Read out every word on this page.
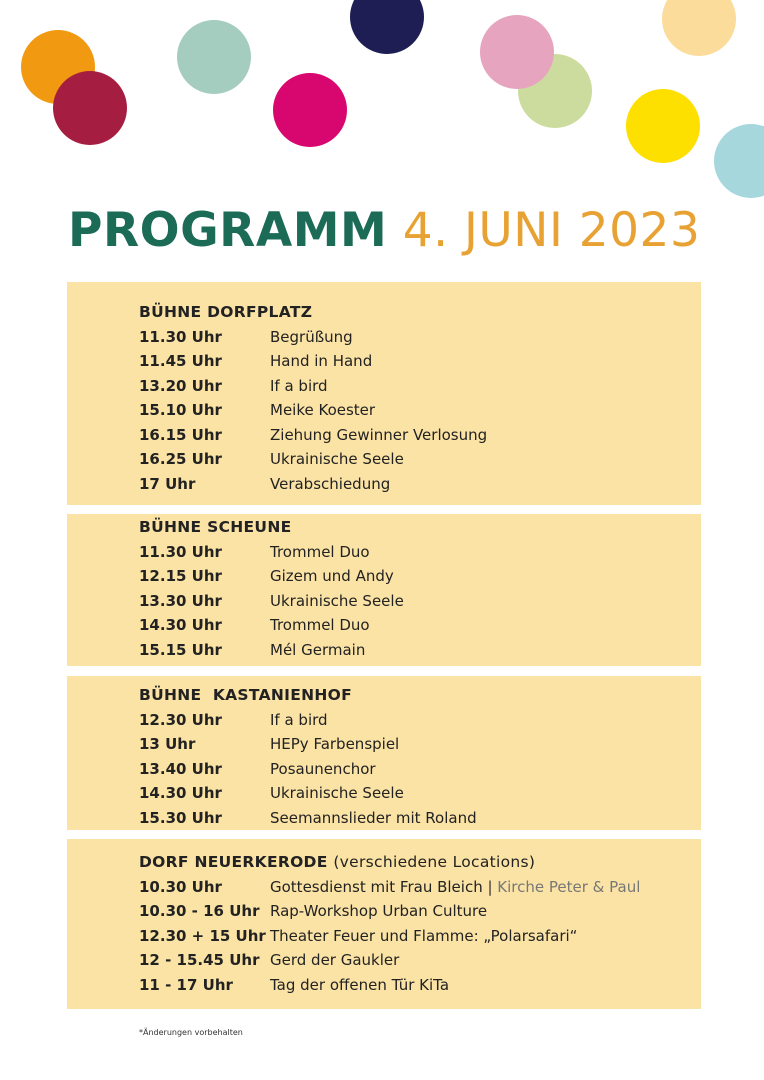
PROGRAMM 4. JUNI 2023
BÜHNE DORFPLATZ
11.30 Uhr	Begrüßung
11.45 Uhr	Hand in Hand
13.20 Uhr	If a bird
15.10 Uhr	Meike Koester
16.15 Uhr	Ziehung Gewinner Verlosung
16.25 Uhr	Ukrainische Seele
17 Uhr	Verabschiedung
BÜHNE SCHEUNE
11.30 Uhr	Trommel Duo
12.15 Uhr	Gizem und Andy
13.30 Uhr	Ukrainische Seele
14.30 Uhr	Trommel Duo
15.15 Uhr	Mél Germain
BÜHNE  KASTANIENHOF
12.30 Uhr	If a bird
13 Uhr	HEPy Farbenspiel
13.40 Uhr	Posaunenchor
14.30 Uhr	Ukrainische Seele
15.30 Uhr	Seemannslieder mit Roland
DORF NEUERKERODE (verschiedene Locations)
10.30 Uhr	Gottesdienst mit Frau Bleich | Kirche Peter & Paul
10.30 - 16 Uhr Rap-Workshop Urban Culture
12.30 + 15 Uhr Theater Feuer und Flamme: „Polarsafari“
12 - 15.45 Uhr Gerd der Gaukler
11 - 17 Uhr Tag der offenen Tür KiTa
*Änderungen vorbehalten
